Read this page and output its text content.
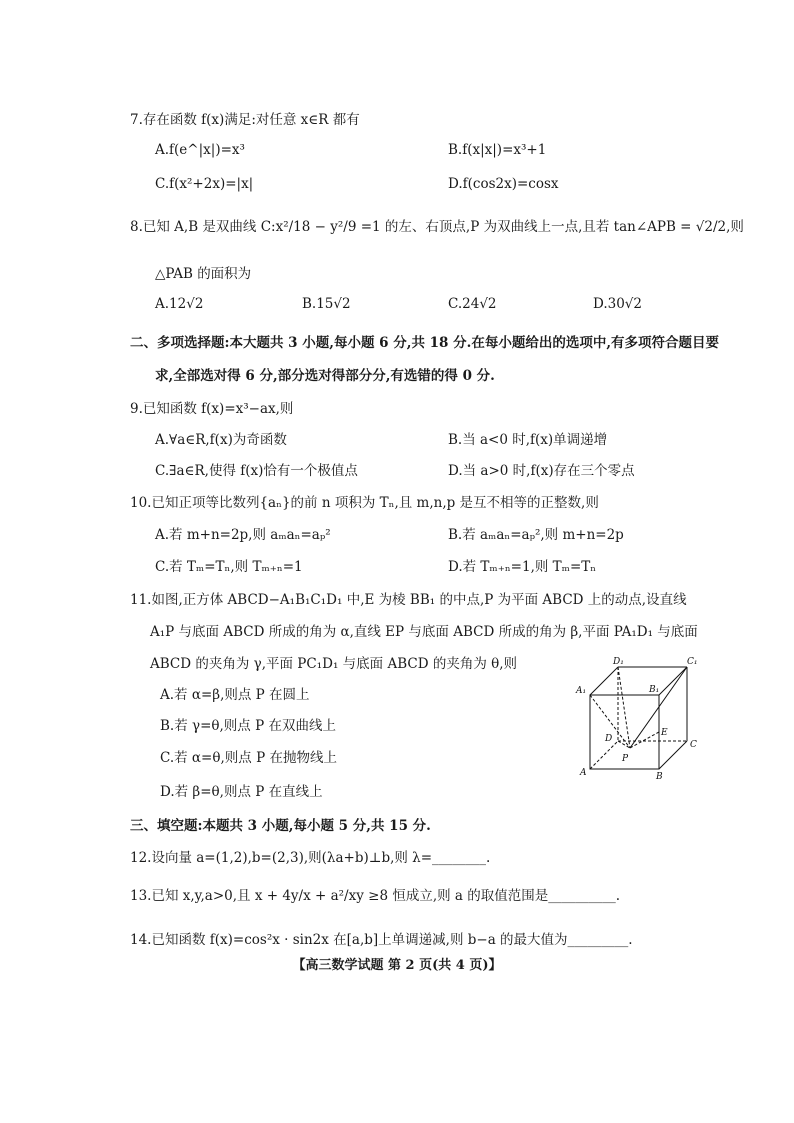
7.存在函数 f(x)满足:对任意 x∈R 都有
A.f(e^|x|)=x³	B.f(x|x|)=x³+1
C.f(x²+2x)=|x|	D.f(cos2x)=cosx
8.已知 A,B 是双曲线 C:x²/18 − y²/9 =1 的左、右顶点,P 为双曲线上一点,且若 tan∠APB = √2/2,则
△PAB 的面积为
A.12√2	B.15√2	C.24√2	D.30√2
二、多项选择题:本大题共 3 小题,每小题 6 分,共 18 分.在每小题给出的选项中,有多项符合题目要
求,全部选对得 6 分,部分选对得部分分,有选错的得 0 分.
9.已知函数 f(x)=x³−ax,则
A.∀a∈R,f(x)为奇函数	B.当 a<0 时,f(x)单调递增
C.∃a∈R,使得 f(x)恰有一个极值点	D.当 a>0 时,f(x)存在三个零点
10.已知正项等比数列{aₙ}的前 n 项积为 Tₙ,且 m,n,p 是互不相等的正整数,则
A.若 m+n=2p,则 aₘaₙ=aₚ²	B.若 aₘaₙ=aₚ²,则 m+n=2p
C.若 Tₘ=Tₙ,则 Tₘ₊ₙ=1	D.若 Tₘ₊ₙ=1,则 Tₘ=Tₙ
11.如图,正方体 ABCD−A₁B₁C₁D₁ 中,E 为棱 BB₁ 的中点,P 为平面 ABCD 上的动点,设直线
A₁P 与底面 ABCD 所成的角为 α,直线 EP 与底面 ABCD 所成的角为 β,平面 PA₁D₁ 与底面
ABCD 的夹角为 γ,平面 PC₁D₁ 与底面 ABCD 的夹角为 θ,则
A.若 α=β,则点 P 在圆上
B.若 γ=θ,则点 P 在双曲线上
C.若 α=θ,则点 P 在抛物线上
D.若 β=θ,则点 P 在直线上
D₁	C₁
A₁	B₁
D
E
C
P
A	B
三、填空题:本题共 3 小题,每小题 5 分,共 15 分.
12.设向量 a=(1,2),b=(2,3),则(λa+b)⊥b,则 λ=________.
13.已知 x,y,a>0,且 x + 4y/x + a²/xy ≥8 恒成立,则 a 的取值范围是__________.
14.已知函数 f(x)=cos²x · sin2x 在[a,b]上单调递减,则 b−a 的最大值为_________.
【高三数学试题 第 2 页(共 4 页)】
